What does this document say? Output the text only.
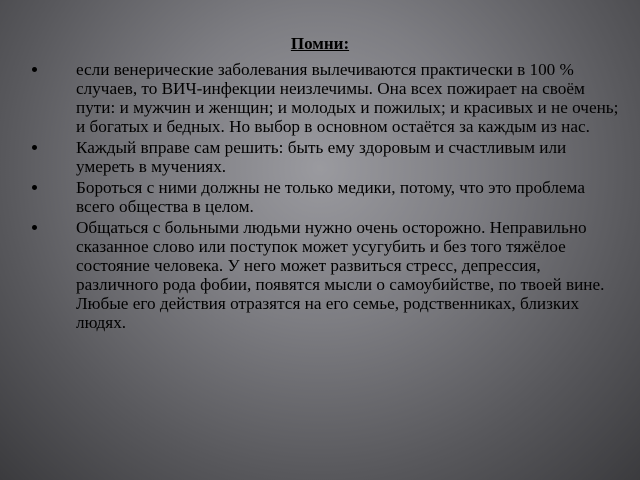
Помни:
если венерические заболевания вылечиваются практически в 100 % случаев, то ВИЧ-инфекции неизлечимы. Она всех пожирает на своём пути: и мужчин и женщин; и молодых и пожилых; и красивых и не очень; и богатых и бедных. Но выбор в основном остаётся за каждым из нас.
Каждый вправе сам решить: быть ему здоровым и счастливым или умереть в мучениях.
Бороться с ними должны не только медики, потому, что это проблема всего общества в целом.
Общаться с больными людьми нужно очень осторожно. Неправильно сказанное слово или поступок может усугубить и без того тяжёлое состояние человека. У него может развиться стресс, депрессия, различного рода фобии, появятся мысли о самоубийстве, по твоей вине. Любые его действия отразятся на его семье, родственниках, близких людях.
